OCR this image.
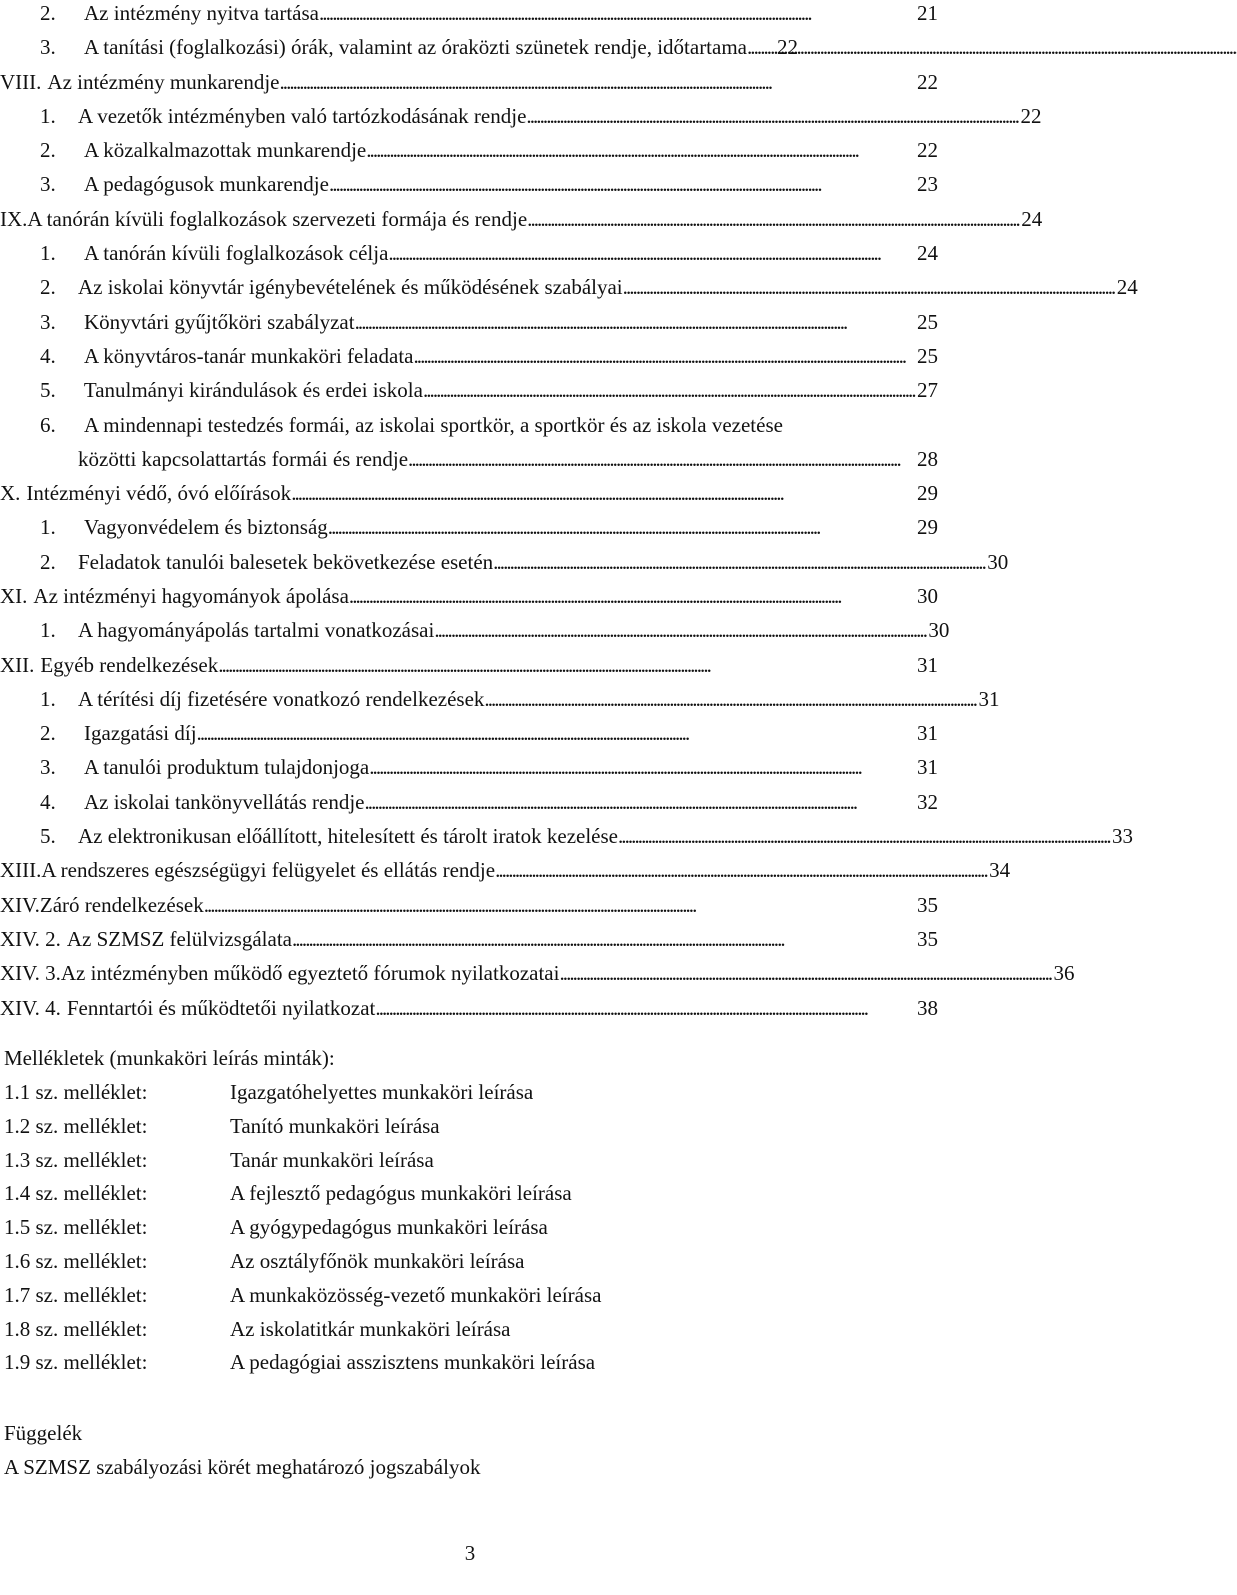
2.	Az intézmény nyitva tartása . . .	21
3.	A tanítási (foglalkozási) órák, valamint az óraközti szünetek rendje, időtartama . . .	22
VIII. Az intézmény munkarendje . . .	22
1.	A vezetők intézményben való tartózkodásának rendje . . .	22
2.	A közalkalmazottak munkarendje . . .	22
3.	A pedagógusok munkarendje . . .	23
IX. A tanórán kívüli foglalkozások szervezeti formája és rendje . . .	24
1.	A tanórán kívüli foglalkozások célja . . .	24
2.	Az iskolai könyvtár igénybevételének és működésének szabályai . . .	24
3.	Könyvtári gyűjtőköri szabályzat . . .	25
4.	A könyvtáros-tanár munkaköri feladata . . .	25
5.	Tanulmányi kirándulások és erdei iskola . . .	27
6.	A mindennapi testedzés formái, az iskolai sportkör, a sportkör és az iskola vezetése
közötti kapcsolattartás formái és rendje . . .	28
X. Intézményi védő, óvó előírások . . .	29
1.	Vagyonvédelem és biztonság . . .	29
2.	Feladatok tanulói balesetek bekövetkezése esetén . . .	30
XI. Az intézményi hagyományok ápolása . . .	30
1.	A hagyományápolás tartalmi vonatkozásai . . .	30
XII. Egyéb rendelkezések . . .	31
1.	A térítési díj fizetésére vonatkozó rendelkezések . . .	31
2.	Igazgatási díj . . .	31
3.	A tanulói produktum tulajdonjoga . . .	31
4.	Az iskolai tankönyvellátás rendje . . .	32
5.	Az elektronikusan előállított, hitelesített és tárolt iratok kezelése . . .	33
XIII. A rendszeres egészségügyi felügyelet és ellátás rendje . . .	34
XIV. Záró rendelkezések . . .	35
XIV. 2. Az SZMSZ felülvizsgálata . . .	35
XIV. 3. Az intézményben működő egyeztető fórumok nyilatkozatai . . .	36
XIV. 4. Fenntartói és működtetői nyilatkozat . . .	38
Mellékletek (munkaköri leírás minták):
1.1 sz. melléklet:	Igazgatóhelyettes munkaköri leírása
1.2 sz. melléklet:	Tanító munkaköri leírása
1.3 sz. melléklet:	Tanár munkaköri leírása
1.4 sz. melléklet:	A fejlesztő pedagógus munkaköri leírása
1.5 sz. melléklet:	A gyógypedagógus munkaköri leírása
1.6 sz. melléklet:	Az osztályfőnök munkaköri leírása
1.7 sz. melléklet:	A munkaközösség-vezető munkaköri leírása
1.8 sz. melléklet:	Az iskolatitkár munkaköri leírása
1.9 sz. melléklet:	A pedagógiai asszisztens munkaköri leírása
Függelék
A SZMSZ szabályozási körét meghatározó jogszabályok
3
